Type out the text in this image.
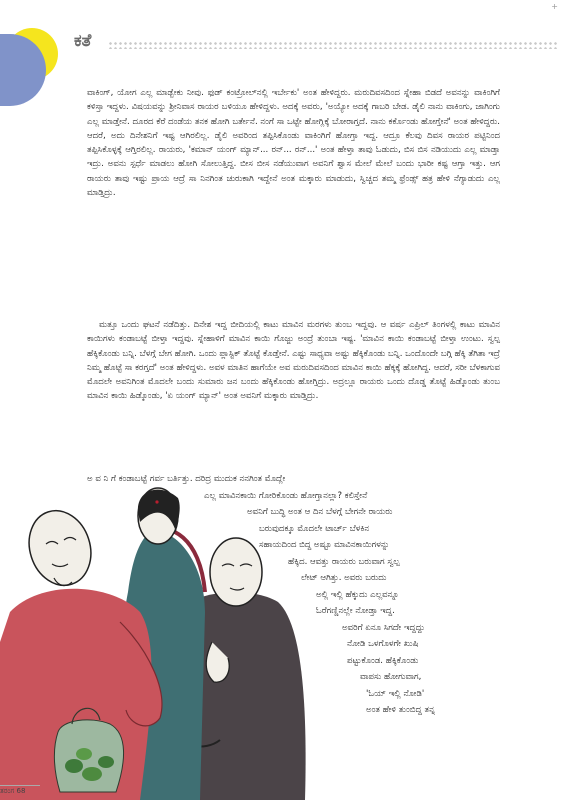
+
ಕತೆ
ವಾಕಿಂಗ್, ಯೋಗ ಎಲ್ಲ ಮಾಡ್ಬೇಕು ನೀವು. ಫುಡ್ ಕಂಟ್ರೋಲ್‌ನಲ್ಲಿ ಇರ್ಬೇಕು' ಅಂತ ಹೇಳಿದ್ದರು. ಮರುದಿವಸದಿಂದ ಸ್ನೇಹಾ ಬಿಡದೆ ಅವನನ್ನು ವಾಕಿಂಗಿಗೆ ಕಳಿಸ್ತಾ ಇದ್ದಳು. ವಿಷಯವನ್ನು ಶ್ರೀನಿವಾಸ ರಾಯರ ಬಳಿಯೂ ಹೇಳಿದ್ದಳು. ಅದಕ್ಕೆ ಅವರು, 'ಅಯ್ಯೋ ಅದಕ್ಕೆ ಗಾಬರಿ ಬೇಡ. ಡೈಲಿ ನಾನು ವಾಕಿಂಗು, ಜಾಗಿಂಗು ಎಲ್ಲ ಮಾಡ್ತೇನೆ. ದೂರದ ಕೆರೆ ದಂಡೆಯ ತನಕ ಹೋಗಿ ಬರ್ತೇನೆ. ನಂಗೆ ಸಾ ಒಟ್ಟೇ ಹೋಗ್ಲಿಕ್ಕೆ ಬೋರಾಗ್ತದೆ. ನಾನು ಕರ್ಕೊಂಡು ಹೋಗ್ತೇನೆ' ಅಂತ ಹೇಳಿದ್ದರು. ಆದರೆ, ಅದು ದಿನೇಶನಿಗೆ ಇಷ್ಟ ಆಗಿರಲಿಲ್ಲ. ಡೈಲಿ ಅವರಿಂದ ತಪ್ಪಿಸಿಕೊಂಡು ವಾಕಿಂಗಿಗೆ ಹೋಗ್ತಾ ಇದ್ದ. ಆದ್ರೂ ಕೆಲವು ದಿವಸ ರಾಯರ ಪಟ್ಟಿನಿಂದ ತಪ್ಪಿಸಿಕೊಳ್ಳಕ್ಕೆ ಆಗ್ತಿರಲಿಲ್ಲ. ರಾಯರು, 'ಕಮಾನ್ ಯಂಗ್ ಮ್ಯಾನ್... ರನ್... ರನ್...' ಅಂತ ಹೇಳ್ತಾ ತಾವು ಓಡುದು, ಬಿಸ ಬಿಸ ನಡಿಯುದು ಎಲ್ಲ ಮಾಡ್ತಾ ಇದ್ರು. ಅವನು ಸ್ಪರ್ಧೆ ಮಾಡಲು ಹೋಗಿ ಸೋಲುತ್ತಿದ್ದ. ಬೀಸ ಬೀಸ ನಡೆಯುವಾಗ ಅವನಿಗೆ ಶ್ವಾಸ ಮೇಲೆ ಮೇಲೆ ಬಂದು ಭಾರೀ ಕಷ್ಟ ಆಗ್ತಾ ಇತ್ತು. ಆಗ ರಾಯರು ತಾವು ಇಷ್ಟು ಪ್ರಾಯ ಆದ್ರೆ ಸಾ ನಿನಗಿಂತ ಚುರುಕಾಗಿ ಇದ್ದೇನೆ ಅಂತ ಮಕ್ಕಾರು ಮಾಡುದು, ಸ್ವಿಚ್ಚದ ತಮ್ಮ ಫ್ರೆಂಡ್ಸ್ ಹತ್ರ ಹೇಳಿ ನೆಗ್ಯಾಡುದು ಎಲ್ಲ ಮಾಡ್ತಿದ್ರು.
ಮತ್ತೂ ಒಂದು ಘಟನೆ ನಡೆದಿತ್ತು. ದಿನೇಶ ಇದ್ದ ಬೀದಿಯಲ್ಲಿ ಕಾಟು ಮಾವಿನ ಮರಗಳು ತುಂಬ ಇದ್ದವು. ಆ ವರ್ಷ ಎಪ್ರಿಲ್ ತಿಂಗಳಲ್ಲಿ ಕಾಟು ಮಾವಿನ ಕಾಯಿಗಳು ಕಂಡಾಬಟ್ಟೆ ಬೀಳ್ತಾ ಇದ್ದವು. ಸ್ನೇಹಾಳಿಗೆ ಮಾವಿನ ಕಾಯಿ ಗೊಜ್ಜು ಅಂದ್ರೆ ತುಂಬಾ ಇಷ್ಟ. 'ಮಾವಿನ ಕಾಯಿ ಕಂಡಾಬಟ್ಟೆ ಬೀಳ್ತಾ ಉಂಟು. ಸ್ವಲ್ಪ ಹೆಕ್ಕಿಕೊಂಡು ಬನ್ನಿ. ಬೆಳಗ್ಗೆ ಬೇಗ ಹೋಗಿ. ಒಂದು ಪ್ಲಾಸ್ಟಿಕ್ ತೊಟ್ಟೆ ಕೊಡ್ತೇನೆ. ಎಷ್ಟು ಸಾಧ್ಯವಾ ಅಷ್ಟು ಹೆಕ್ಕಿಕೊಂಡು ಬನ್ನಿ. ಒಂದೊಂದೇ ಬಗ್ಗಿ ಹೆಕ್ಕಿ ತೆಗಿತಾ ಇದ್ರೆ ನಿಮ್ಮ ಹೊಟ್ಟೆ ಸಾ ಕರಗ್ತದೆ' ಅಂತ ಹೇಳಿದ್ದಳು. ಅವಳ ಮಾತಿನ ಹಾಗೆಯೇ ಅವ ಮರುದಿವಸದಿಂದ ಮಾವಿನ ಕಾಯಿ ಹೆಕ್ಕಕ್ಕೆ ಹೋಗಿದ್ದ. ಆದರೆ, ಸರೀ ಬೆಳಕಾಗುವ ಮೊದಲೇ ಅವನಿಗಿಂತ ಮೊದಲೇ ಬಂದು ಸುಮಾರು ಜನ ಬಂದು ಹೆಕ್ಕಿಕೊಂಡು ಹೋಗ್ತಿದ್ರು. ಅದ್ರಲ್ಲೂ ರಾಯರು ಒಂದು ದೊಡ್ಡ ತೊಟ್ಟೆ ಹಿಡ್ಕೊಂಡು ತುಂಬ ಮಾವಿನ ಕಾಯಿ ಹಿಡ್ಕೊಂಡು, 'ಏ ಯಂಗ್ ಮ್ಯಾನ್' ಅಂತ ಅವನಿಗೆ ಮಕ್ಕಾರು ಮಾಡ್ತಿದ್ರು.
ಅ ವ ನಿ ಗೆ ಕಂಡಾಬಟ್ಟೆ ಗರ್ವ ಬರ್ತಿತ್ತು. ದರಿದ್ರ ಮುದುಕ ನನಗಿಂತ ಮೊದ್ಲೇ
ಎಲ್ಲ ಮಾವಿನಕಾಯಿ ಗೋರಿಕೊಂಡು ಹೋಗ್ತಾನಲ್ಲಾ? ಕಲಿಸ್ತೇನೆ
ಅವನಿಗೆ ಬುದ್ಧಿ ಅಂತ ಆ ದಿನ ಬೆಳಗ್ಗೆ ಬೇಗನೇ ರಾಯರು
ಬರುವುದಕ್ಕೂ ಮೊದಲೇ ಟಾರ್ಚ್ ಬೆಳಕಿನ
ಸಹಾಯದಿಂದ ಬಿದ್ದ ಅಷ್ಟೂ ಮಾವಿನಕಾಯಿಗಳನ್ನು
ಹೆಕ್ಕಿದ. ಆವತ್ತು ರಾಯರು ಬರುವಾಗ ಸ್ವಲ್ಪ
ಲೇಟ್ ಆಗಿತ್ತು. ಅವರು ಬರುದು
ಅಲ್ಲಿ ಇಲ್ಲಿ ಹೆಕ್ಕುದು ಎಲ್ಲವನ್ನೂ
ಓರೆಗಣ್ಣಿನಲ್ಲೇ ನೋಡ್ತಾ ಇದ್ದ.
ಅವರಿಗೆ ಏನೂ ಸಿಗದೇ ಇದ್ದದ್ದು
ನೋಡಿ ಒಳಗೊಳಗೇ ಖುಷಿ
ಪಟ್ಟುಕೊಂಡ. ಹೆಕ್ಕಿಕೊಂಡು
ವಾಪಸು ಹೋಗುವಾಗ,
'ಓಯ್ ಇಲ್ಲಿ ನೋಡಿ'
ಅಂತ ಹೇಳಿ ತುಂಬಿದ್ದ ತನ್ನ
ತರಂಗ 68
